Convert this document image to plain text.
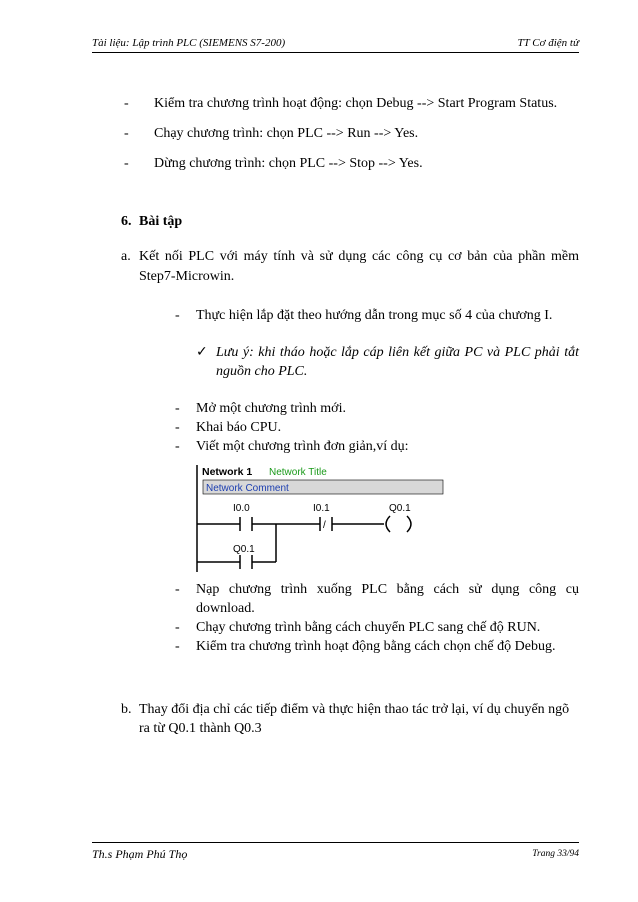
Tài liệu: Lập trình PLC (SIEMENS S7-200)	TT Cơ điện tử
- Kiểm tra chương trình hoạt động: chọn Debug --> Start Program Status.
- Chạy chương trình: chọn PLC --> Run --> Yes.
- Dừng chương trình: chọn PLC --> Stop --> Yes.
6. Bài tập
a. Kết nối PLC với máy tính và sử dụng các công cụ cơ bản của phần mềm
Step7-Microwin.
- Thực hiện lắp đặt theo hướng dẫn trong mục số 4 của chương I.
✓ Lưu ý: khi tháo hoặc lắp cáp liên kết giữa PC và PLC phải tắt
nguồn cho PLC.
- Mở một chương trình mới.
- Khai báo CPU.
- Viết một chương trình đơn giản,ví dụ:
Network 1 Network Title
Network Comment
I0.0	I0.1
/
Q0.1
Q0.1
- Nạp chương trình xuống PLC bằng cách sử dụng công cụ
download.
- Chạy chương trình bằng cách chuyển PLC sang chế độ RUN.
- Kiểm tra chương trình hoạt động bằng cách chọn chế độ Debug.
b. Thay đổi địa chỉ các tiếp điểm và thực hiện thao tác trở lại, ví dụ chuyển ngõ
ra từ Q0.1 thành Q0.3
Th.s Phạm Phú Thọ	Trang 33/94
